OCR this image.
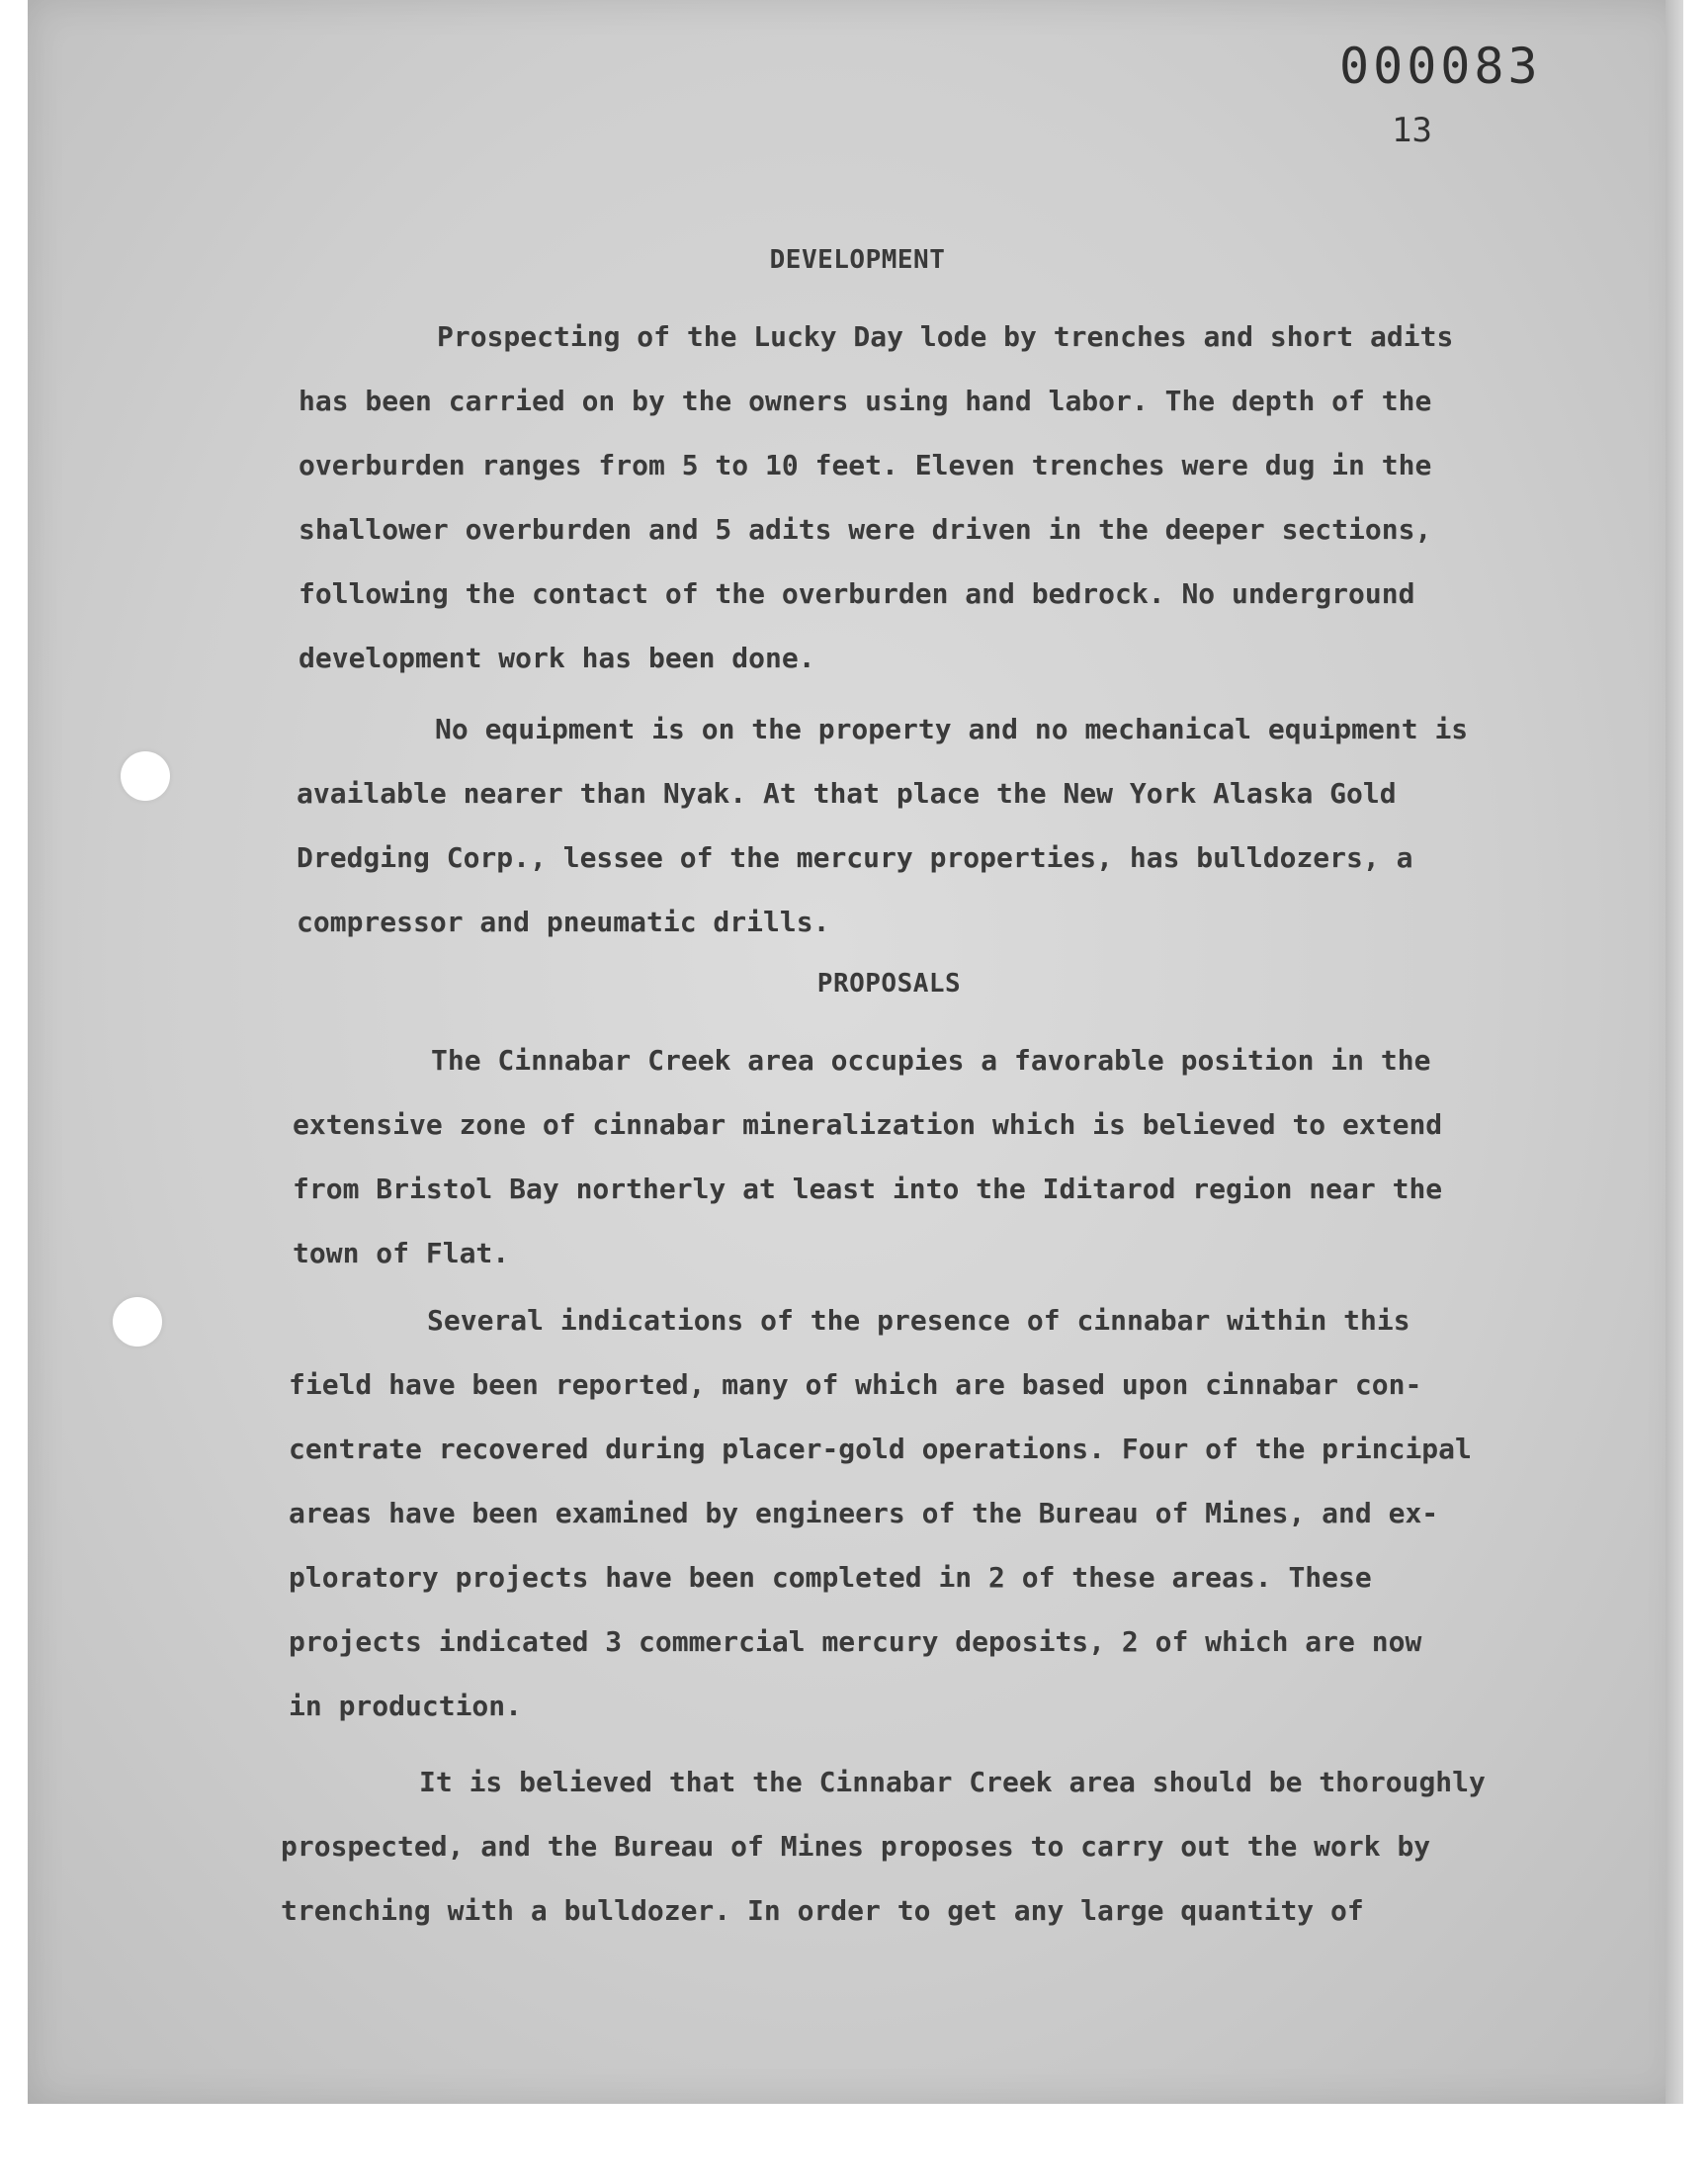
000083
13
DEVELOPMENT
Prospecting of the Lucky Day lode by trenches and short adits
has been carried on by the owners using hand labor. The depth of the
overburden ranges from 5 to 10 feet. Eleven trenches were dug in the
shallower overburden and 5 adits were driven in the deeper sections,
following the contact of the overburden and bedrock. No underground
development work has been done.
No equipment is on the property and no mechanical equipment is
available nearer than Nyak. At that place the New York Alaska Gold
Dredging Corp., lessee of the mercury properties, has bulldozers, a
compressor and pneumatic drills.
PROPOSALS
The Cinnabar Creek area occupies a favorable position in the
extensive zone of cinnabar mineralization which is believed to extend
from Bristol Bay northerly at least into the Iditarod region near the
town of Flat.
Several indications of the presence of cinnabar within this
field have been reported, many of which are based upon cinnabar con-
centrate recovered during placer-gold operations. Four of the principal
areas have been examined by engineers of the Bureau of Mines, and ex-
ploratory projects have been completed in 2 of these areas. These
projects indicated 3 commercial mercury deposits, 2 of which are now
in production.
It is believed that the Cinnabar Creek area should be thoroughly
prospected, and the Bureau of Mines proposes to carry out the work by
trenching with a bulldozer. In order to get any large quantity of
